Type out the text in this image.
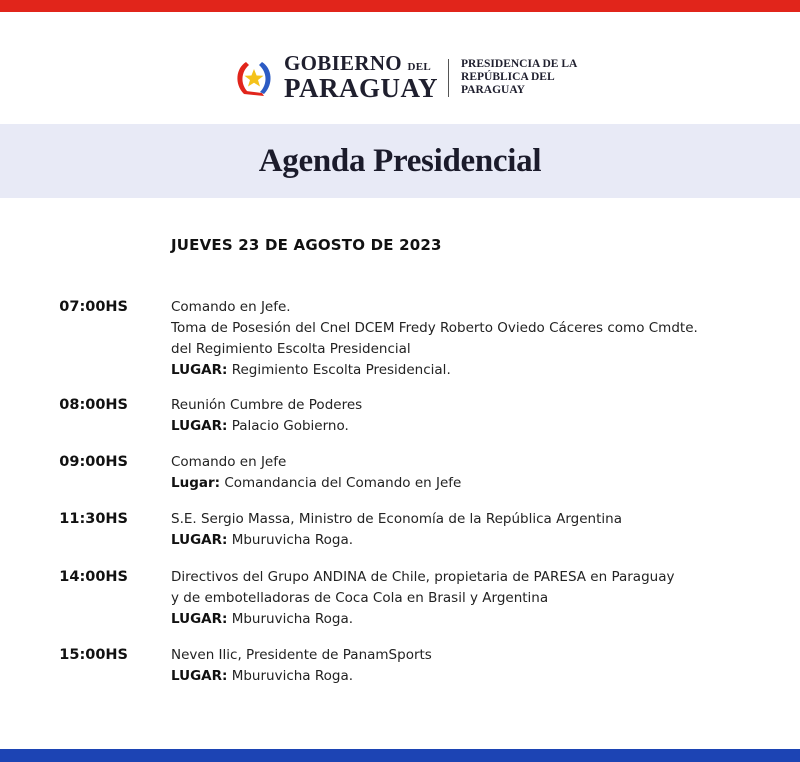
GOBIERNO DEL
PARAGUAY
PRESIDENCIA DE LA
REPÚBLICA DEL
PARAGUAY
Agenda Presidencial
JUEVES 23 DE AGOSTO DE 2023
07:00HS	Comando en Jefe.
Toma de Posesión del Cnel DCEM Fredy Roberto Oviedo Cáceres como Cmdte.
del Regimiento Escolta Presidencial
LUGAR: Regimiento Escolta Presidencial.
08:00HS	Reunión Cumbre de Poderes
LUGAR: Palacio Gobierno.
09:00HS	Comando en Jefe
Lugar: Comandancia del Comando en Jefe
11:30HS	S.E. Sergio Massa, Ministro de Economía de la República Argentina
LUGAR: Mburuvicha Roga.
14:00HS	Directivos del Grupo ANDINA de Chile, propietaria de PARESA en Paraguay
y de embotelladoras de Coca Cola en Brasil y Argentina
LUGAR: Mburuvicha Roga.
15:00HS	Neven Ilic, Presidente de PanamSports
LUGAR: Mburuvicha Roga.
